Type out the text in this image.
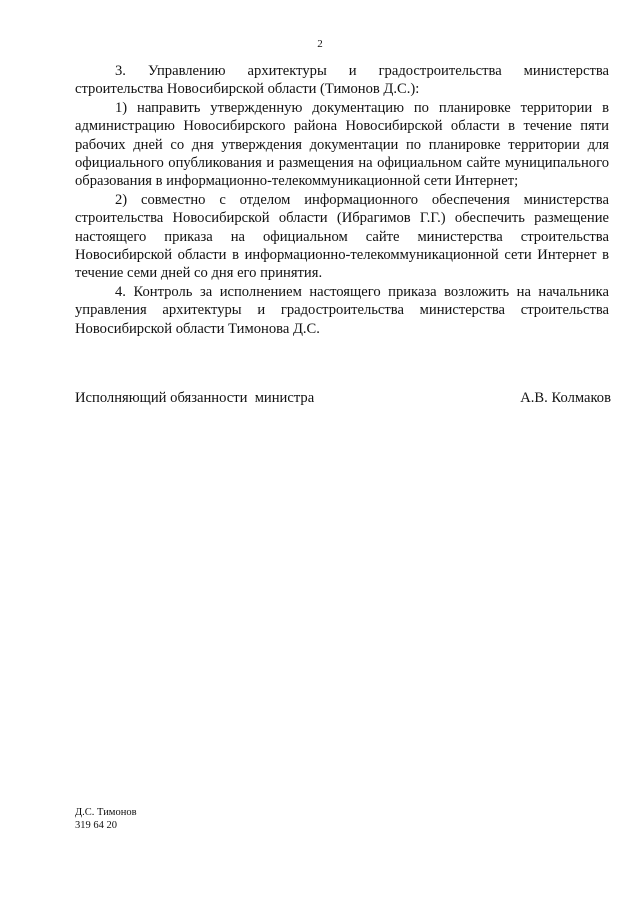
2

3. Управлению архитектуры и градостроительства министерства строительства Новосибирской области (Тимонов Д.С.):

1) направить утвержденную документацию по планировке территории в администрацию Новосибирского района Новосибирской области в течение пяти рабочих дней со дня утверждения документации по планировке территории для официального опубликования и размещения на официальном сайте муниципального образования в информационно-телекоммуникационной сети Интернет;

2) совместно с отделом информационного обеспечения министерства строительства Новосибирской области (Ибрагимов Г.Г.) обеспечить размещение настоящего приказа на официальном сайте министерства строительства Новосибирской области в информационно-телекоммуникационной сети Интернет в течение семи дней со дня его принятия.

4. Контроль за исполнением настоящего приказа возложить на начальника управления архитектуры и градостроительства министерства строительства Новосибирской области Тимонова Д.С.

Исполняющий обязанности  министра	А.В. Колмаков
Д.С. Тимонов
319 64 20
